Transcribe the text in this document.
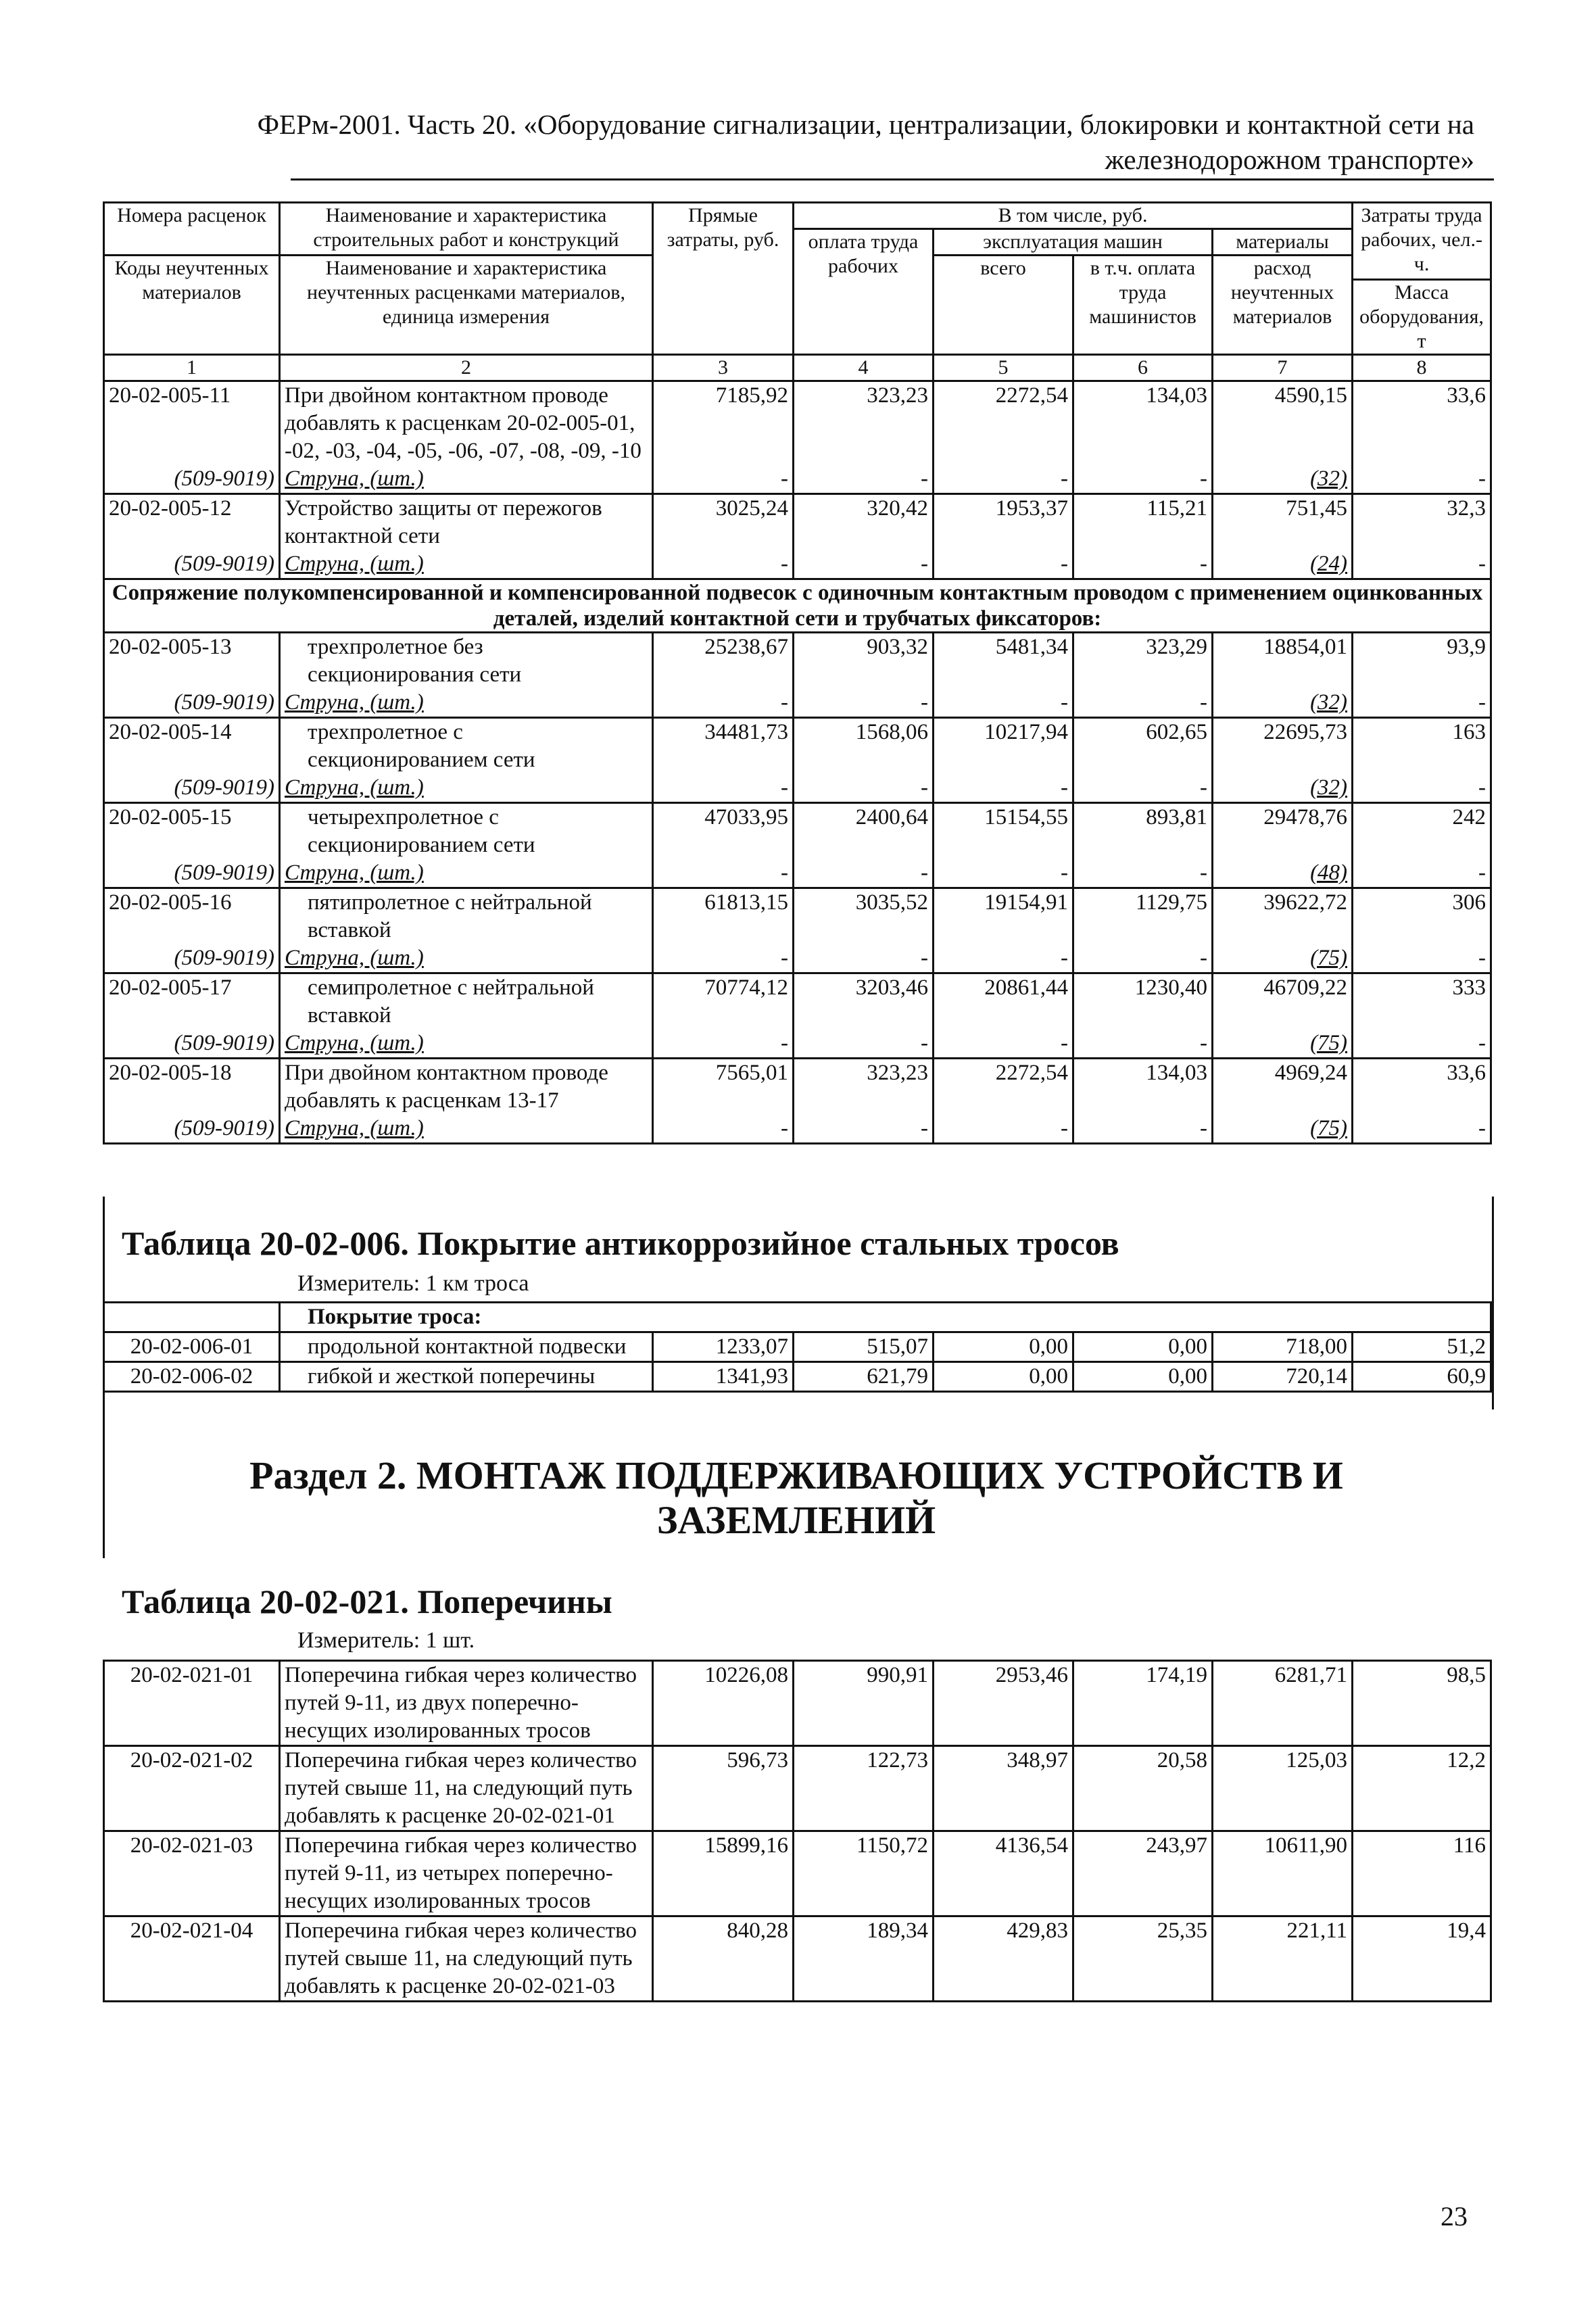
ФЕРм-2001. Часть 20. «Оборудование сигнализации, централизации, блокировки и контактной сети на
железнодорожном транспорте»
Номера расценок	Наименование и характеристика строительных работ и конструкций	Прямые затраты, руб.	В том числе, руб.				Затраты труда рабочих, чел.-ч.
			оплата труда рабочих	эксплуатация машин		материалы	
Коды неучтенных материалов	Наименование и характеристика неучтенных расценками материалов, единица измерения			всего	в т.ч. оплата труда машинистов	расход неучтенных материалов	
							Масса оборудования, т
1	2	3	4	5	6	7	8
20-02-005-11	При двойном контактном проводе добавлять к расценкам 20-02-005-01, -02, -03, -04, -05, -06, -07, -08, -09, -10	7185,92	323,23	2272,54	134,03	4590,15	33,6
(509-9019)	Струна, (шт.)	-	-	-	-	(32)	-
20-02-005-12	Устройство защиты от пережогов контактной сети	3025,24	320,42	1953,37	115,21	751,45	32,3
(509-9019)	Струна, (шт.)	-	-	-	-	(24)	-
Сопряжение полукомпенсированной и компенсированной подвесок с одиночным контактным проводом с применением оцинкованных деталей, изделий контактной сети и трубчатых фиксаторов:							
20-02-005-13	трехпролетное без секционирования сети	25238,67	903,32	5481,34	323,29	18854,01	93,9
(509-9019)	Струна, (шт.)	-	-	-	-	(32)	-
20-02-005-14	трехпролетное с секционированием сети	34481,73	1568,06	10217,94	602,65	22695,73	163
(509-9019)	Струна, (шт.)	-	-	-	-	(32)	-
20-02-005-15	четырехпролетное с секционированием сети	47033,95	2400,64	15154,55	893,81	29478,76	242
(509-9019)	Струна, (шт.)	-	-	-	-	(48)	-
20-02-005-16	пятипролетное с нейтральной вставкой	61813,15	3035,52	19154,91	1129,75	39622,72	306
(509-9019)	Струна, (шт.)	-	-	-	-	(75)	-
20-02-005-17	семипролетное с нейтральной вставкой	70774,12	3203,46	20861,44	1230,40	46709,22	333
(509-9019)	Струна, (шт.)	-	-	-	-	(75)	-
20-02-005-18	При двойном контактном проводе добавлять к расценкам 13-17	7565,01	323,23	2272,54	134,03	4969,24	33,6
(509-9019)	Струна, (шт.)	-	-	-	-	(75)	-
Таблица 20-02-006. Покрытие антикоррозийное стальных тросов
Измеритель: 1 км троса
	Покрытие троса:						
20-02-006-01	продольной контактной подвески	1233,07	515,07	0,00	0,00	718,00	51,2
20-02-006-02	гибкой и жесткой поперечины	1341,93	621,79	0,00	0,00	720,14	60,9
Раздел 2. МОНТАЖ ПОДДЕРЖИВАЮЩИХ УСТРОЙСТВ И
ЗАЗЕМЛЕНИЙ
Таблица 20-02-021. Поперечины
Измеритель: 1 шт.
20-02-021-01	Поперечина гибкая через количество путей 9-11, из двух поперечно-несущих изолированных тросов	10226,08	990,91	2953,46	174,19	6281,71	98,5
20-02-021-02	Поперечина гибкая через количество путей свыше 11, на следующий путь добавлять к расценке 20-02-021-01	596,73	122,73	348,97	20,58	125,03	12,2
20-02-021-03	Поперечина гибкая через количество путей 9-11, из четырех поперечно-несущих изолированных тросов	15899,16	1150,72	4136,54	243,97	10611,90	116
20-02-021-04	Поперечина гибкая через количество путей свыше 11, на следующий путь добавлять к расценке 20-02-021-03	840,28	189,34	429,83	25,35	221,11	19,4
23
